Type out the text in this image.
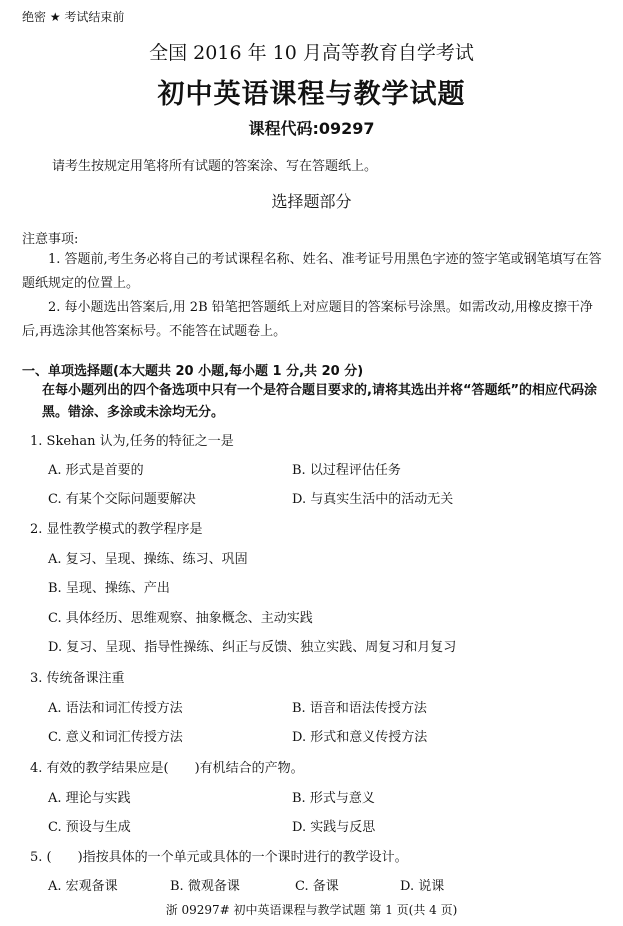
绝密 ★ 考试结束前
全国 2016 年 10 月高等教育自学考试
初中英语课程与教学试题
课程代码:09297
请考生按规定用笔将所有试题的答案涂、写在答题纸上。
选择题部分
注意事项:
1. 答题前,考生务必将自己的考试课程名称、姓名、准考证号用黑色字迹的签字笔或钢笔填写在答题纸规定的位置上。
2. 每小题选出答案后,用 2B 铅笔把答题纸上对应题目的答案标号涂黑。如需改动,用橡皮擦干净后,再选涂其他答案标号。不能答在试题卷上。
一、单项选择题(本大题共 20 小题,每小题 1 分,共 20 分)
在每小题列出的四个备选项中只有一个是符合题目要求的,请将其选出并将“答题纸”的相应代码涂黑。错涂、多涂或未涂均无分。
1. Skehan 认为,任务的特征之一是
A. 形式是首要的	B. 以过程评估任务
C. 有某个交际问题要解决	D. 与真实生活中的活动无关
2. 显性教学模式的教学程序是
A. 复习、呈现、操练、练习、巩固
B. 呈现、操练、产出
C. 具体经历、思维观察、抽象概念、主动实践
D. 复习、呈现、指导性操练、纠正与反馈、独立实践、周复习和月复习
3. 传统备课注重
A. 语法和词汇传授方法	B. 语音和语法传授方法
C. 意义和词汇传授方法	D. 形式和意义传授方法
4. 有效的教学结果应是(　　)有机结合的产物。
A. 理论与实践	B. 形式与意义
C. 预设与生成	D. 实践与反思
5. (　　)指按具体的一个单元或具体的一个课时进行的教学设计。
A. 宏观备课	B. 微观备课	C. 备课	D. 说课
浙 09297# 初中英语课程与教学试题 第 1 页(共 4 页)
